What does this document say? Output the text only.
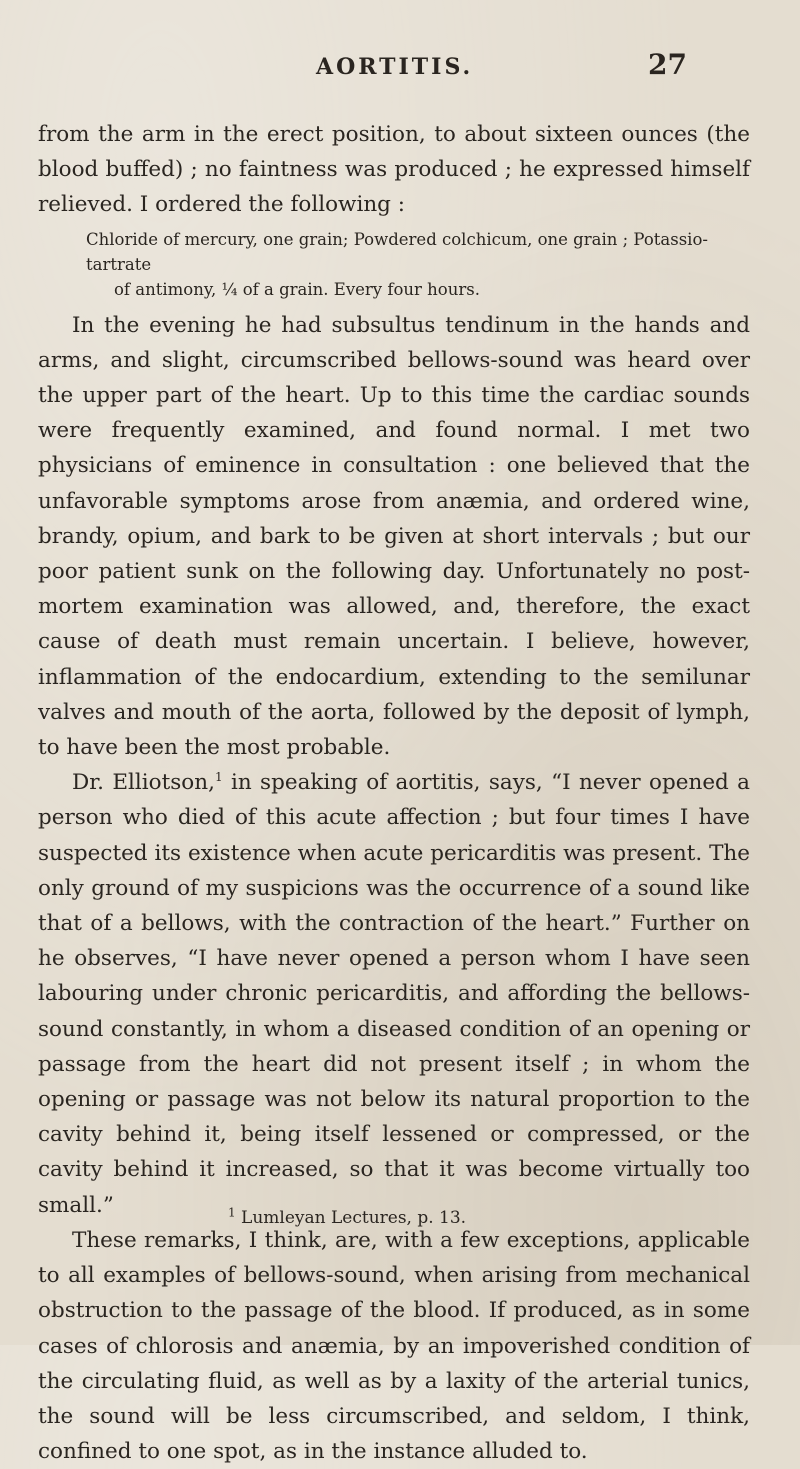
AORTITIS.	27

from the arm in the erect position, to about sixteen ounces (the blood buffed) ; no faintness was produced ; he expressed himself relieved. I ordered the following :

Chloride of mercury, one grain; Powdered colchicum, one grain ; Potassio-tartrate
of antimony, ¼ of a grain. Every four hours.

In the evening he had subsultus tendinum in the hands and arms, and slight, circumscribed bellows-sound was heard over the upper part of the heart. Up to this time the cardiac sounds were frequently examined, and found normal. I met two physicians of eminence in consultation : one believed that the unfavorable symptoms arose from anæmia, and ordered wine, brandy, opium, and bark to be given at short intervals ; but our poor patient sunk on the following day. Unfortunately no post-mortem examination was allowed, and, therefore, the exact cause of death must remain uncertain. I believe, however, inflammation of the endocardium, extending to the semilunar valves and mouth of the aorta, followed by the deposit of lymph, to have been the most probable.

Dr. Elliotson,$^1$ in speaking of aortitis, says, “I never opened a person who died of this acute affection ; but four times I have suspected its existence when acute pericarditis was present. The only ground of my suspicions was the occurrence of a sound like that of a bellows, with the contraction of the heart.” Further on he observes, “I have never opened a person whom I have seen labouring under chronic pericarditis, and affording the bellows-sound constantly, in whom a diseased condition of an opening or passage from the heart did not present itself ; in whom the opening or passage was not below its natural proportion to the cavity behind it, being itself lessened or compressed, or the cavity behind it increased, so that it was become virtually too small.”

These remarks, I think, are, with a few exceptions, applicable to all examples of bellows-sound, when arising from mechanical obstruction to the passage of the blood. If produced, as in some cases of chlorosis and anæmia, by an impoverished condition of the circulating fluid, as well as by a laxity of the arterial tunics, the sound will be less circumscribed, and seldom, I think, confined to one spot, as in the instance alluded to.

$^1$ Lumleyan Lectures, p. 13.
